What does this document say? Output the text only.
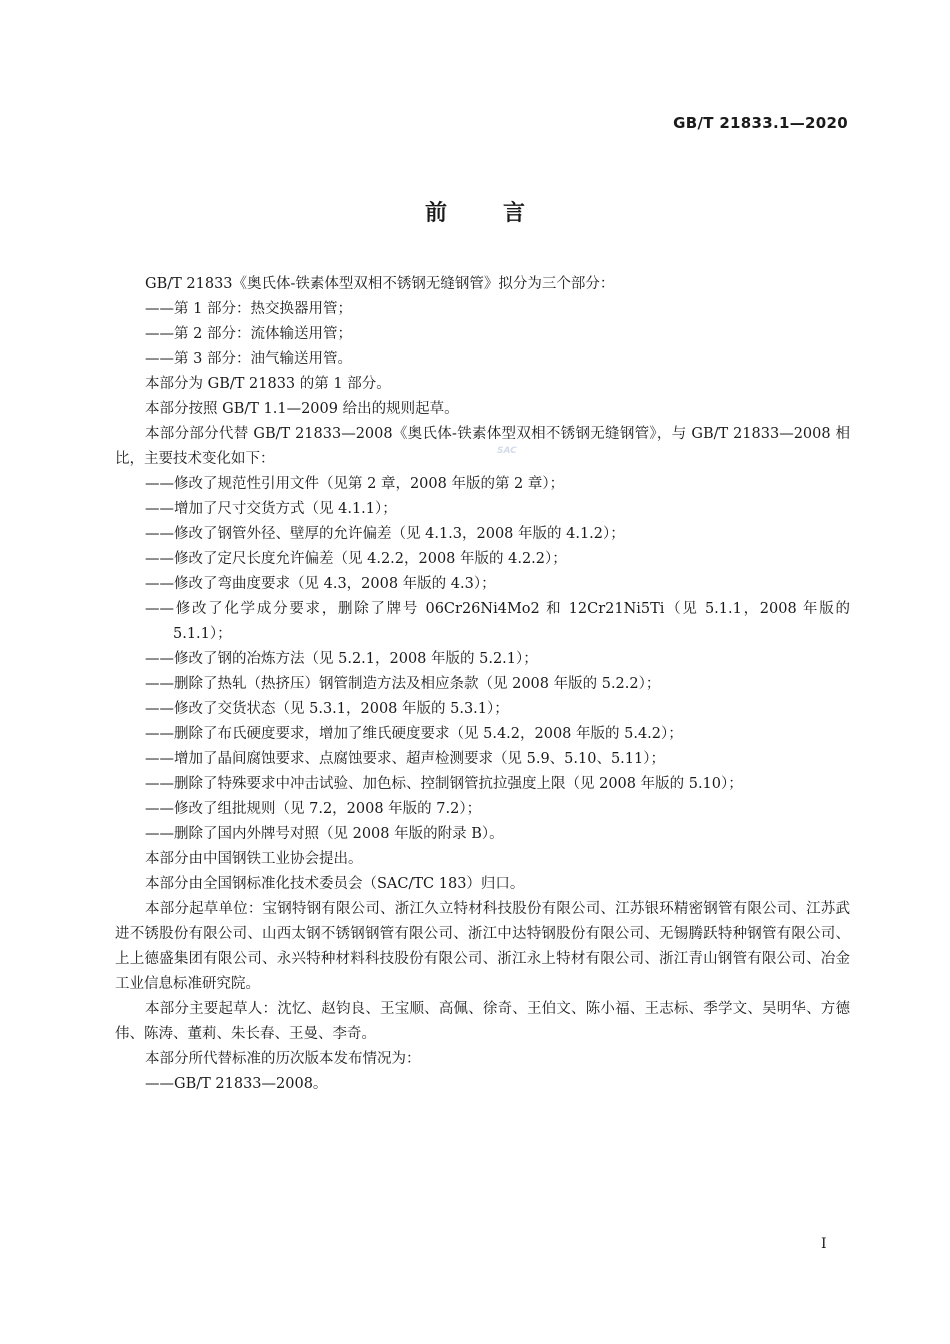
GB/T 21833.1—2020
前言
SAC

GB/T 21833《奥氏体-铁素体型双相不锈钢无缝钢管》拟分为三个部分：

——第 1 部分：热交换器用管；

——第 2 部分：流体输送用管；

——第 3 部分：油气输送用管。

本部分为 GB/T 21833 的第 1 部分。

本部分按照 GB/T 1.1—2009 给出的规则起草。

本部分部分代替 GB/T 21833—2008《奥氏体-铁素体型双相不锈钢无缝钢管》，与 GB/T 21833—2008 相比，主要技术变化如下：

——修改了规范性引用文件（见第 2 章，2008 年版的第 2 章）；

——增加了尺寸交货方式（见 4.1.1）；

——修改了钢管外径、壁厚的允许偏差（见 4.1.3，2008 年版的 4.1.2）；

——修改了定尺长度允许偏差（见 4.2.2，2008 年版的 4.2.2）；

——修改了弯曲度要求（见 4.3，2008 年版的 4.3）；

——修改了化学成分要求，删除了牌号 06Cr26Ni4Mo2 和 12Cr21Ni5Ti（见 5.1.1，2008 年版的 5.1.1）；

——修改了钢的冶炼方法（见 5.2.1，2008 年版的 5.2.1）；

——删除了热轧（热挤压）钢管制造方法及相应条款（见 2008 年版的 5.2.2）；

——修改了交货状态（见 5.3.1，2008 年版的 5.3.1）；

——删除了布氏硬度要求，增加了维氏硬度要求（见 5.4.2，2008 年版的 5.4.2）；

——增加了晶间腐蚀要求、点腐蚀要求、超声检测要求（见 5.9、5.10、5.11）；

——删除了特殊要求中冲击试验、加色标、控制钢管抗拉强度上限（见 2008 年版的 5.10）；

——修改了组批规则（见 7.2，2008 年版的 7.2）；

——删除了国内外牌号对照（见 2008 年版的附录 B）。

本部分由中国钢铁工业协会提出。

本部分由全国钢标准化技术委员会（SAC/TC 183）归口。

本部分起草单位：宝钢特钢有限公司、浙江久立特材科技股份有限公司、江苏银环精密钢管有限公司、江苏武进不锈股份有限公司、山西太钢不锈钢钢管有限公司、浙江中达特钢股份有限公司、无锡腾跃特种钢管有限公司、上上德盛集团有限公司、永兴特种材料科技股份有限公司、浙江永上特材有限公司、浙江青山钢管有限公司、冶金工业信息标准研究院。

本部分主要起草人：沈忆、赵钧良、王宝顺、高佩、徐奇、王伯文、陈小福、王志标、季学文、吴明华、方德伟、陈涛、董莉、朱长春、王曼、李奇。

本部分所代替标准的历次版本发布情况为：

——GB/T 21833—2008。

I
